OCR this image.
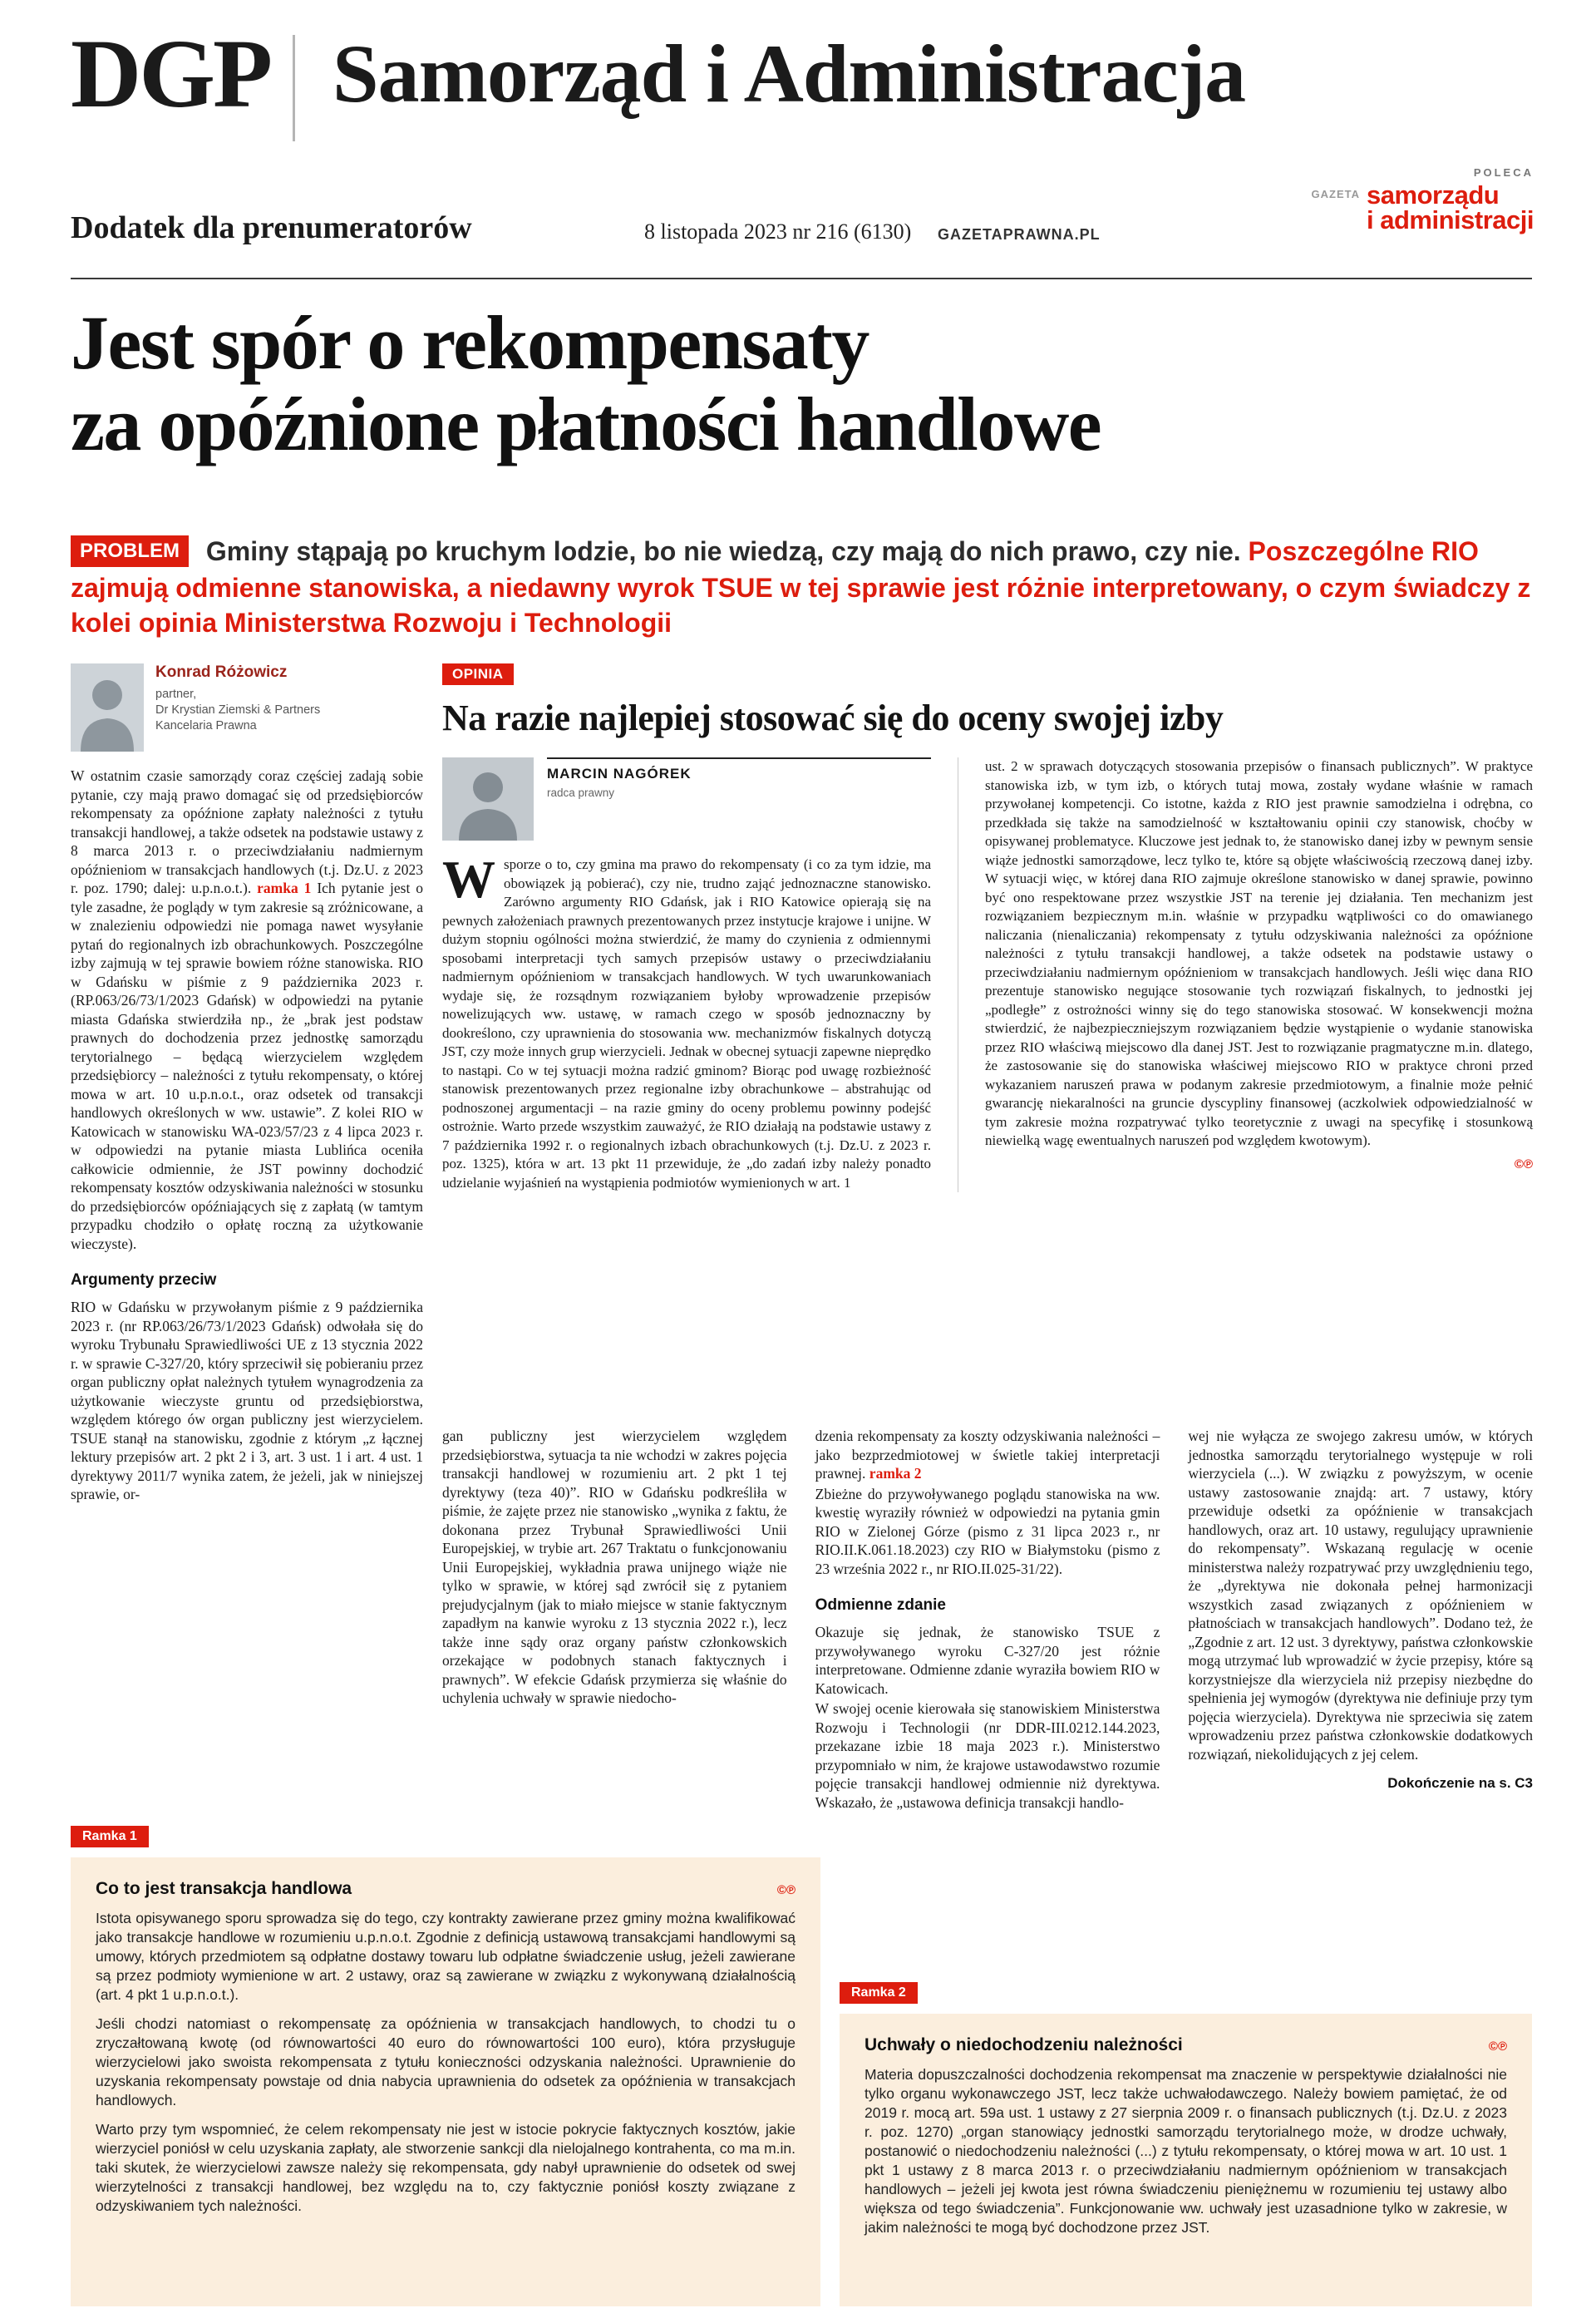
DGP Samorząd i Administracja
Dodatek dla prenumeratorów	8 listopada 2023 nr 216 (6130) GAZETAPRAWNA.PL
POLECA
GAZETA samorządu
i administracji
Jest spór o rekompensaty
za opóźnione płatności handlowe
PROBLEM Gminy stąpają po kruchym lodzie, bo nie wiedzą, czy mają do nich prawo, czy nie. Poszczególne RIO zajmują odmienne stanowiska, a niedawny wyrok TSUE w tej sprawie jest różnie interpretowany, o czym świadczy z kolei opinia Ministerstwa Rozwoju i Technologii
Konrad Różowicz
partner,
Dr Krystian Ziemski & Partners
Kancelaria Prawna

W ostatnim czasie samorządy coraz częściej zadają sobie pytanie, czy mają prawo domagać się od przedsiębiorców rekompensaty za opóźnione zapłaty należności z tytułu transakcji handlowej, a także odsetek na podstawie ustawy z 8 marca 2013 r. o przeciwdziałaniu nadmiernym opóźnieniom w transakcjach handlowych (t.j. Dz.U. z 2023 r. poz. 1790; dalej: u.p.n.o.t.). ramka 1 Ich pytanie jest o tyle zasadne, że poglądy w tym zakresie są zróżnicowane, a w znalezieniu odpowiedzi nie pomaga nawet wysyłanie pytań do regionalnych izb obrachunkowych. Poszczególne izby zajmują w tej sprawie bowiem różne stanowiska. RIO w Gdańsku w piśmie z 9 października 2023 r. (RP.063/26/73/1/2023 Gdańsk) w odpowiedzi na pytanie miasta Gdańska stwierdziła np., że „brak jest podstaw prawnych do dochodzenia przez jednostkę samorządu terytorialnego – będącą wierzycielem względem przedsiębiorcy – należności z tytułu rekompensaty, o której mowa w art. 10 u.p.n.o.t., oraz odsetek od transakcji handlowych określonych w ww. ustawie”. Z kolei RIO w Katowicach w stanowisku WA-023/57/23 z 4 lipca 2023 r. w odpowiedzi na pytanie miasta Lublińca oceniła całkowicie odmiennie, że JST powinny dochodzić rekompensaty kosztów odzyskiwania należności w stosunku do przedsiębiorców opóźniających się z zapłatą (w tamtym przypadku chodziło o opłatę roczną za użytkowanie wieczyste).

Argumenty przeciw

RIO w Gdańsku w przywołanym piśmie z 9 października 2023 r. (nr RP.063/26/73/1/2023 Gdańsk) odwołała się do wyroku Trybunału Sprawiedliwości UE z 13 stycznia 2022 r. w sprawie C-327/20, który sprzeciwił się pobieraniu przez organ publiczny opłat należnych tytułem wynagrodzenia za użytkowanie wieczyste gruntu od przedsiębiorstwa, względem którego ów organ publiczny jest wierzycielem. TSUE stanął na stanowisku, zgodnie z którym „z łącznej lektury przepisów art. 2 pkt 2 i 3, art. 3 ust. 1 i art. 4 ust. 1 dyrektywy 2011/7 wynika zatem, że jeżeli, jak w niniejszej sprawie, or-

OPINIA
Na razie najlepiej stosować się do oceny swojej izby
MARCIN NAGÓREK
radca prawny

Wsporze o to, czy gmina ma prawo do rekompensaty (i co za tym idzie, ma obowiązek ją pobierać), czy nie, trudno zająć jednoznaczne stanowisko. Zarówno argumenty RIO Gdańsk, jak i RIO Katowice opierają się na pewnych założeniach prawnych prezentowanych przez instytucje krajowe i unijne. W dużym stopniu ogólności można stwierdzić, że mamy do czynienia z odmiennymi sposobami interpretacji tych samych przepisów ustawy o przeciwdziałaniu nadmiernym opóźnieniom w transakcjach handlowych. W tych uwarunkowaniach wydaje się, że rozsądnym rozwiązaniem byłoby wprowadzenie przepisów nowelizujących ww. ustawę, w ramach czego w sposób jednoznaczny by dookreślono, czy uprawnienia do stosowania ww. mechanizmów fiskalnych dotyczą JST, czy może innych grup wierzycieli. Jednak w obecnej sytuacji zapewne nieprędko to nastąpi. Co w tej sytuacji można radzić gminom? Biorąc pod uwagę rozbieżność stanowisk prezentowanych przez regionalne izby obrachunkowe – abstrahując od podnoszonej argumentacji – na razie gminy do oceny problemu powinny podejść ostrożnie. Warto przede wszystkim zauważyć, że RIO działają na podstawie ustawy z 7 października 1992 r. o regionalnych izbach obrachunkowych (t.j. Dz.U. z 2023 r. poz. 1325), która w art. 13 pkt 11 przewiduje, że „do zadań izby należy ponadto udzielanie wyjaśnień na wystąpienia podmiotów wymienionych w art. 1

ust. 2 w sprawach dotyczących stosowania przepisów o finansach publicznych”. W praktyce stanowiska izb, w tym izb, o których tutaj mowa, zostały wydane właśnie w ramach przywołanej kompetencji. Co istotne, każda z RIO jest prawnie samodzielna i odrębna, co przedkłada się także na samodzielność w kształtowaniu opinii czy stanowisk, choćby w opisywanej problematyce. Kluczowe jest jednak to, że stanowisko danej izby w pewnym sensie wiąże jednostki samorządowe, lecz tylko te, które są objęte właściwością rzeczową danej izby. W sytuacji więc, w której dana RIO zajmuje określone stanowisko w danej sprawie, powinno być ono respektowane przez wszystkie JST na terenie jej działania. Ten mechanizm jest rozwiązaniem bezpiecznym m.in. właśnie w przypadku wątpliwości co do omawianego naliczania (nienaliczania) rekompensaty z tytułu odzyskiwania należności za opóźnione należności z tytułu transakcji handlowej, a także odsetek na podstawie ustawy o przeciwdziałaniu nadmiernym opóźnieniom w transakcjach handlowych. Jeśli więc dana RIO prezentuje stanowisko negujące stosowanie tych rozwiązań fiskalnych, to jednostki jej „podległe” z ostrożności winny się do tego stanowiska stosować. W konsekwencji można stwierdzić, że najbezpieczniejszym rozwiązaniem będzie wystąpienie o wydanie stanowiska przez RIO właściwą miejscowo dla danej JST. Jest to rozwiązanie pragmatyczne m.in. dlatego, że zastosowanie się do stanowiska właściwej miejscowo RIO w praktyce chroni przed wykazaniem naruszeń prawa w podanym zakresie przedmiotowym, a finalnie może pełnić gwarancję niekaralności na gruncie dyscypliny finansowej (aczkolwiek odpowiedzialność w tym zakresie można rozpatrywać tylko teoretycznie z uwagi na specyfikę i stosunkową niewielką wagę ewentualnych naruszeń pod względem kwotowym).

©℗

gan publiczny jest wierzycielem względem przedsiębiorstwa, sytuacja ta nie wchodzi w zakres pojęcia transakcji handlowej w rozumieniu art. 2 pkt 1 tej dyrektywy (teza 40)”. RIO w Gdańsku podkreśliła w piśmie, że zajęte przez nie stanowisko „wynika z faktu, że dokonana przez Trybunał Sprawiedliwości Unii Europejskiej, w trybie art. 267 Traktatu o funkcjonowaniu Unii Europejskiej, wykładnia prawa unijnego wiąże nie tylko w sprawie, w której sąd zwrócił się z pytaniem prejudycjalnym (jak to miało miejsce w stanie faktycznym zapadłym na kanwie wyroku z 13 stycznia 2022 r.), lecz także inne sądy oraz organy państw członkowskich orzekające w podobnych stanach faktycznych i prawnych”. W efekcie Gdańsk przymierza się właśnie do uchylenia uchwały w sprawie niedocho-

dzenia rekompensaty za koszty odzyskiwania należności – jako bezprzedmiotowej w świetle takiej interpretacji prawnej. ramka 2

Zbieżne do przywoływanego poglądu stanowiska na ww. kwestię wyraziły również w odpowiedzi na pytania gmin RIO w Zielonej Górze (pismo z 31 lipca 2023 r., nr RIO.II.K.061.18.2023) czy RIO w Białymstoku (pismo z 23 września 2022 r., nr RIO.II.025-31/22).

Odmienne zdanie

Okazuje się jednak, że stanowisko TSUE z przywoływanego wyroku C-327/20 jest różnie interpretowane. Odmienne zdanie wyraziła bowiem RIO w Katowicach.

W swojej ocenie kierowała się stanowiskiem Ministerstwa Rozwoju i Technologii (nr DDR-III.0212.144.2023, przekazane izbie 18 maja 2023 r.). Ministerstwo przypomniało w nim, że krajowe ustawodawstwo rozumie pojęcie transakcji handlowej odmiennie niż dyrektywa. Wskazało, że „ustawowa definicja transakcji handlo-

wej nie wyłącza ze swojego zakresu umów, w których jednostka samorządu terytorialnego występuje w roli wierzyciela (...). W związku z powyższym, w ocenie ustawy zastosowanie znajdą: art. 7 ustawy, który przewiduje odsetki za opóźnienie w transakcjach handlowych, oraz art. 10 ustawy, regulujący uprawnienie do rekompensaty”. Wskazaną regulację w ocenie ministerstwa należy rozpatrywać przy uwzględnieniu tego, że „dyrektywa nie dokonała pełnej harmonizacji wszystkich zasad związanych z opóźnieniem w płatnościach w transakcjach handlowych”. Dodano też, że „Zgodnie z art. 12 ust. 3 dyrektywy, państwa członkowskie mogą utrzymać lub wprowadzić w życie przepisy, które są korzystniejsze dla wierzyciela niż przepisy niezbędne do spełnienia jej wymogów (dyrektywa nie definiuje przy tym pojęcia wierzyciela). Dyrektywa nie sprzeciwia się zatem wprowadzeniu przez państwa członkowskie dodatkowych rozwiązań, niekolidujących z jej celem.

Dokończenie na s. C3
Ramka 1
Co to jest transakcja handlowa	©℗

Istota opisywanego sporu sprowadza się do tego, czy kontrakty zawierane przez gminy można kwalifikować jako transakcje handlowe w rozumieniu u.p.n.o.t. Zgodnie z definicją ustawową transakcjami handlowymi są umowy, których przedmiotem są odpłatne dostawy towaru lub odpłatne świadczenie usług, jeżeli zawierane są przez podmioty wymienione w art. 2 ustawy, oraz są zawierane w związku z wykonywaną działalnością (art. 4 pkt 1 u.p.n.o.t.).

Jeśli chodzi natomiast o rekompensatę za opóźnienia w transakcjach handlowych, to chodzi tu o zryczałtowaną kwotę (od równowartości 40 euro do równowartości 100 euro), która przysługuje wierzycielowi jako swoista rekompensata z tytułu konieczności odzyskania należności. Uprawnienie do uzyskania rekompensaty powstaje od dnia nabycia uprawnienia do odsetek za opóźnienia w transakcjach handlowych.

Warto przy tym wspomnieć, że celem rekompensaty nie jest w istocie pokrycie faktycznych kosztów, jakie wierzyciel poniósł w celu uzyskania zapłaty, ale stworzenie sankcji dla nielojalnego kontrahenta, co ma m.in. taki skutek, że wierzycielowi zawsze należy się rekompensata, gdy nabył uprawnienie do odsetek od swej wierzytelności z transakcji handlowej, bez względu na to, czy faktycznie poniósł koszty związane z odzyskiwaniem tych należności.

Ramka 2
Uchwały o niedochodzeniu należności	©℗

Materia dopuszczalności dochodzenia rekompensat ma znaczenie w perspektywie działalności nie tylko organu wykonawczego JST, lecz także uchwałodawczego. Należy bowiem pamiętać, że od 2019 r. mocą art. 59a ust. 1 ustawy z 27 sierpnia 2009 r. o finansach publicznych (t.j. Dz.U. z 2023 r. poz. 1270) „organ stanowiący jednostki samorządu terytorialnego może, w drodze uchwały, postanowić o niedochodzeniu należności (...) z tytułu rekompensaty, o której mowa w art. 10 ust. 1 pkt 1 ustawy z 8 marca 2013 r. o przeciwdziałaniu nadmiernym opóźnieniom w transakcjach handlowych – jeżeli jej kwota jest równa świadczeniu pieniężnemu w rozumieniu tej ustawy albo większa od tego świadczenia”. Funkcjonowanie ww. uchwały jest uzasadnione tylko w zakresie, w jakim należności te mogą być dochodzone przez JST.
